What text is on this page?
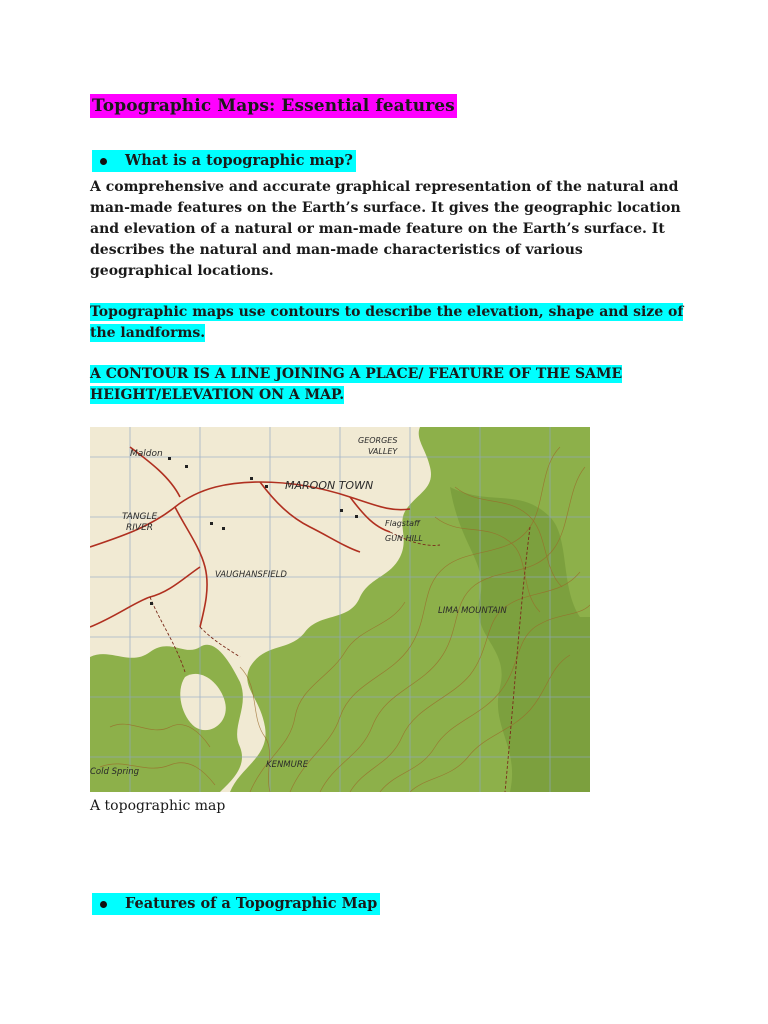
Topographic Maps: Essential features
What is a topographic map?

A comprehensive and accurate graphical representation of the natural and man-made features on the Earth’s surface. It gives the geographic location and elevation of a natural or man-made feature on the Earth’s surface. It describes the natural and man-made characteristics of various geographical locations.

Topographic maps use contours to describe the elevation, shape and size of the landforms.

A CONTOUR IS A LINE JOINING A PLACE/ FEATURE OF THE SAME HEIGHT/ELEVATION ON A MAP.

Maldon
GEORGES
VALLEY
MAROON TOWN
TANGLE
RIVER	Flagstaff
GUN HILL
VAUGHANSFIELD
LIMA MOUNTAIN
KENMURE
Cold Spring
A topographic map
Features of a Topographic Map
